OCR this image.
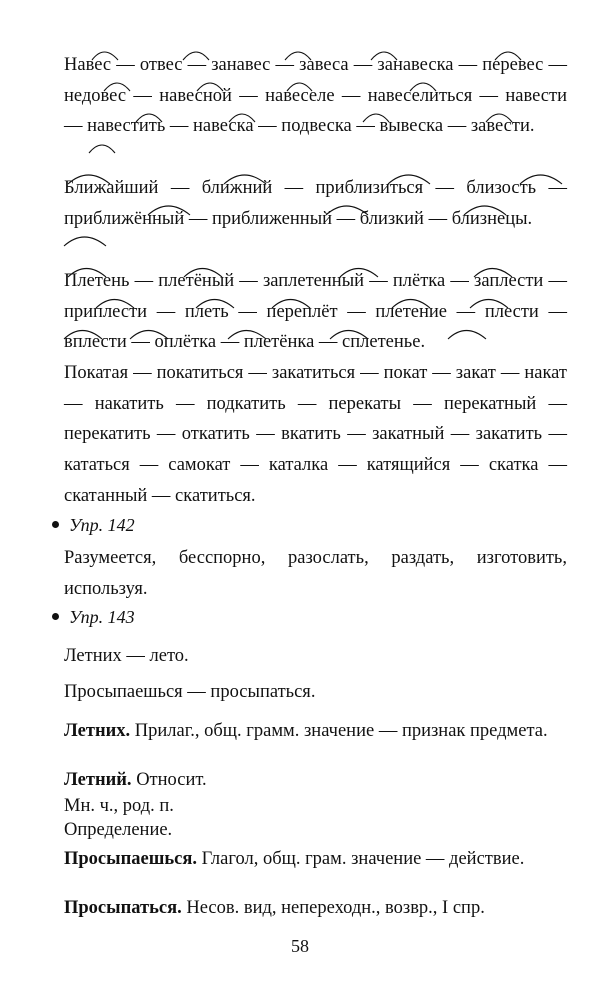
Навес — отвес — занавес — завеса — занавеска — перевес — недовес — навесной — навеселе — навеселиться — навести — навестить — навеска — подвеска — вывеска — завести.

Ближайший — ближний — приблизиться — близость — приближённый — приближенный — близкий — близнецы.

Плетень — плетёный — заплетенный — плётка — заплести — приплести — плеть — переплёт — плетение — плести — вплести — оплётка — плетёнка — сплетенье.

Покатая — покатиться — закатиться — покат — закат — накат — накатить — подкатить — перекаты — перекатный — перекатить — откатить — вкатить — закатный — закатить — кататься — самокат — каталка — катящийся — скатка — скатанный — скатиться.

Упр. 142

Разумеется, бесспорно, разослать, раздать, изготовить, используя.

Упр. 143
Летних — лето.
Просыпаешься — просыпаться.

Летних. Прилаг., общ. грамм. значение — признак предмета.

Летний. Относит.

Мн. ч., род. п.

Определение.

Просыпаешься. Глагол, общ. грам. значение — действие.

Просыпаться. Несов. вид, непереходн., возвр., I спр.

58
